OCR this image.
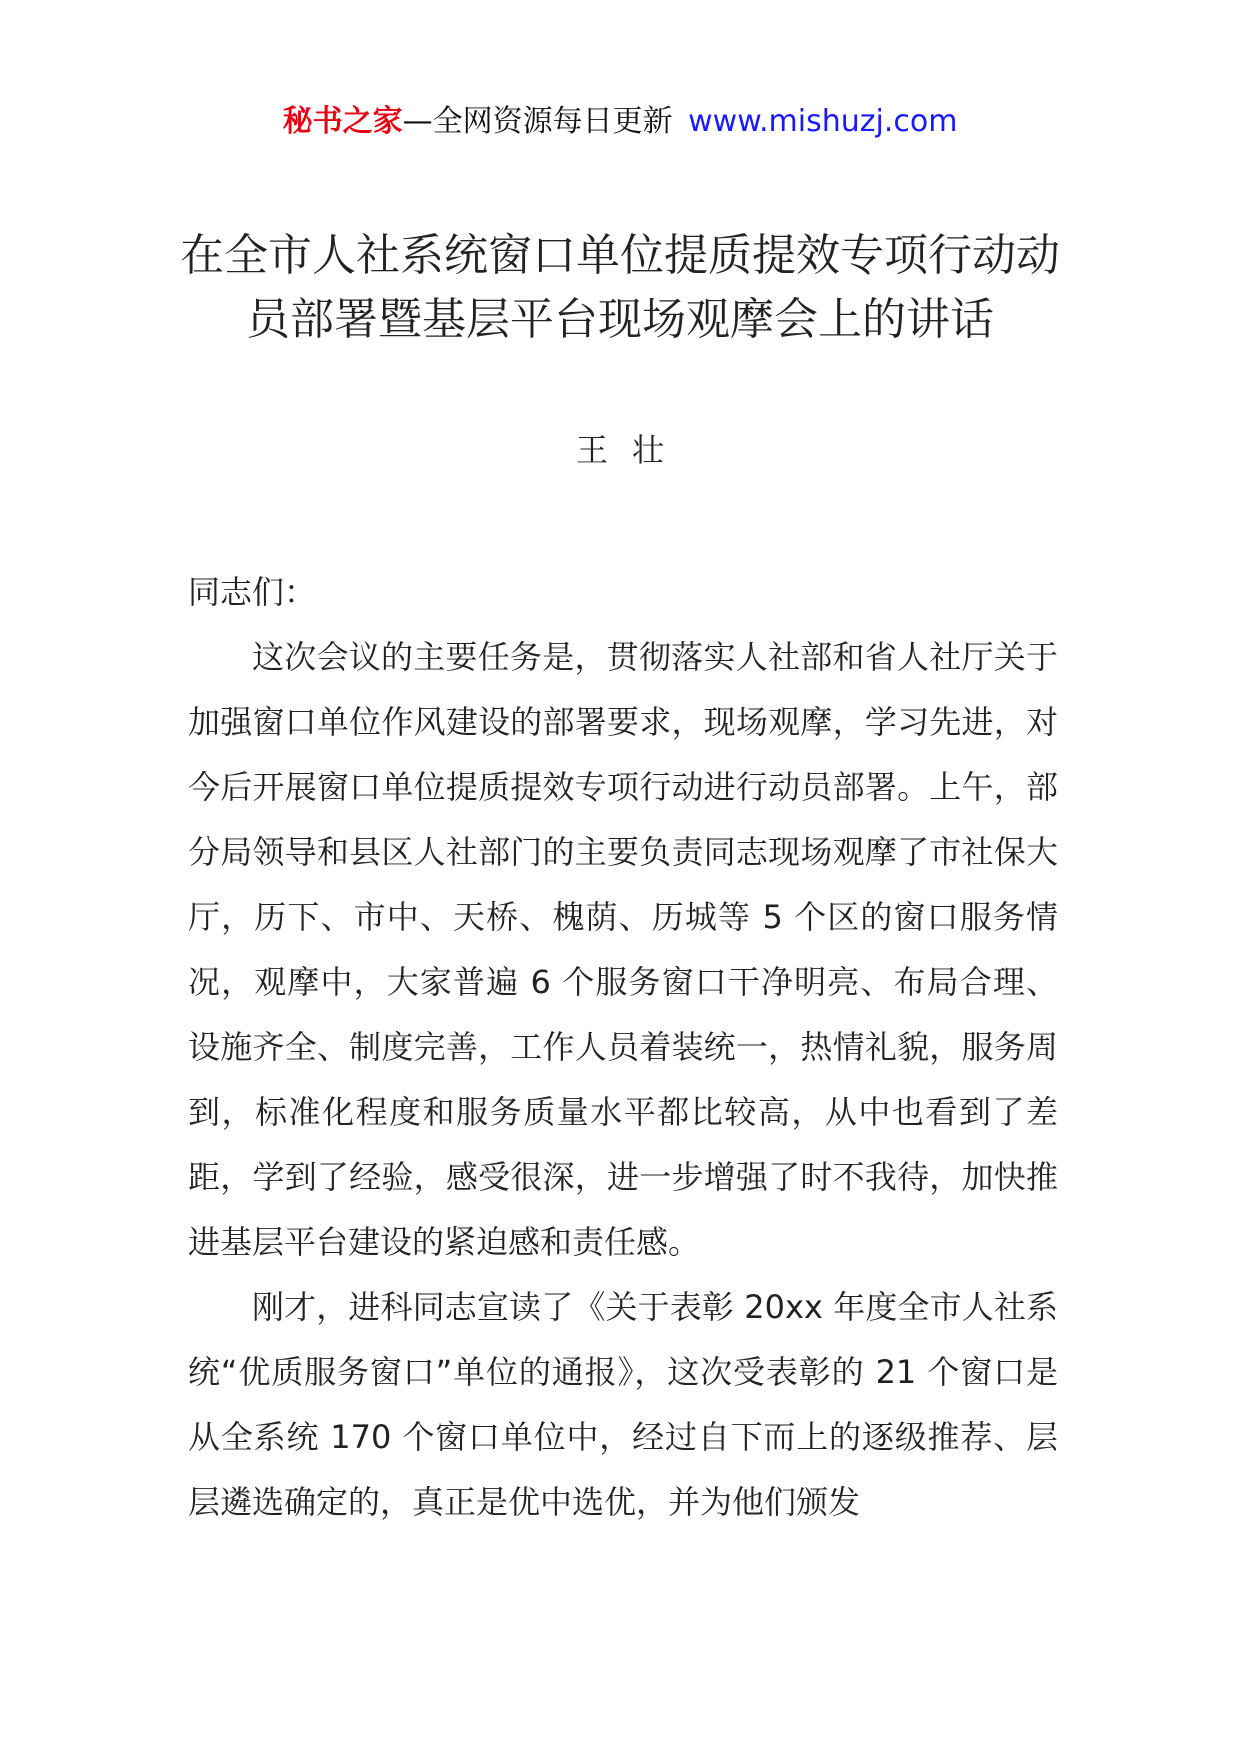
秘书之家—全网资源每日更新 www.mishuzj.com
在全市人社系统窗口单位提质提效专项行动动员部署暨基层平台现场观摩会上的讲话
王壮

同志们：

这次会议的主要任务是，贯彻落实人社部和省人社厅关于加强窗口单位作风建设的部署要求，现场观摩，学习先进，对今后开展窗口单位提质提效专项行动进行动员部署。上午，部分局领导和县区人社部门的主要负责同志现场观摩了市社保大厅，历下、市中、天桥、槐荫、历城等 5 个区的窗口服务情况，观摩中，大家普遍 6 个服务窗口干净明亮、布局合理、设施齐全、制度完善，工作人员着装统一，热情礼貌，服务周到，标准化程度和服务质量水平都比较高，从中也看到了差距，学到了经验，感受很深，进一步增强了时不我待，加快推进基层平台建设的紧迫感和责任感。

刚才，进科同志宣读了《关于表彰 20xx 年度全市人社系统“优质服务窗口”单位的通报》，这次受表彰的 21 个窗口是从全系统 170 个窗口单位中，经过自下而上的逐级推荐、层层遴选确定的，真正是优中选优，并为他们颁发
